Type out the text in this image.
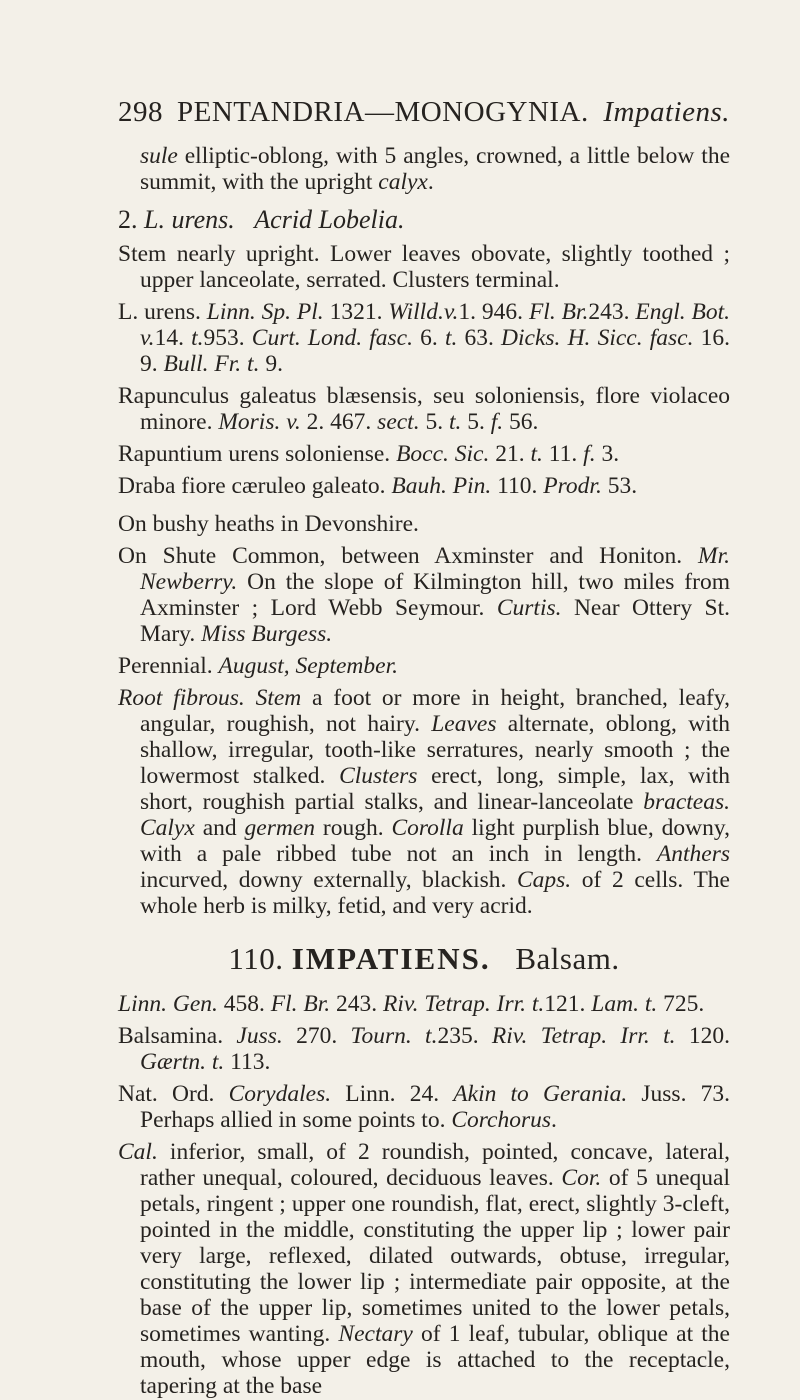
298 PENTANDRIA—MONOGYNIA. Impatiens.

sule elliptic-oblong, with 5 angles, crowned, a little below the summit, with the upright calyx.

2. L. urens. Acrid Lobelia.

Stem nearly upright. Lower leaves obovate, slightly toothed ; upper lanceolate, serrated. Clusters terminal.

L. urens. Linn. Sp. Pl. 1321. Willd.v.1. 946. Fl. Br.243. Engl. Bot. v.14. t.953. Curt. Lond. fasc. 6. t. 63. Dicks. H. Sicc. fasc. 16. 9. Bull. Fr. t. 9.

Rapunculus galeatus blæsensis, seu soloniensis, flore violaceo minore. Moris. v. 2. 467. sect. 5. t. 5. f. 56.

Rapuntium urens soloniense. Bocc. Sic. 21. t. 11. f. 3.

Draba fiore cæruleo galeato. Bauh. Pin. 110. Prodr. 53.

On bushy heaths in Devonshire.

On Shute Common, between Axminster and Honiton. Mr. Newberry. On the slope of Kilmington hill, two miles from Axminster ; Lord Webb Seymour. Curtis. Near Ottery St. Mary. Miss Burgess.

Perennial. August, September.

Root fibrous. Stem a foot or more in height, branched, leafy, angular, roughish, not hairy. Leaves alternate, oblong, with shallow, irregular, tooth-like serratures, nearly smooth ; the lowermost stalked. Clusters erect, long, simple, lax, with short, roughish partial stalks, and linear-lanceolate bracteas. Calyx and germen rough. Corolla light purplish blue, downy, with a pale ribbed tube not an inch in length. Anthers incurved, downy externally, blackish. Caps. of 2 cells. The whole herb is milky, fetid, and very acrid.

110. IMPATIENS. Balsam.

Linn. Gen. 458. Fl. Br. 243. Riv. Tetrap. Irr. t.121. Lam. t. 725.

Balsamina. Juss. 270. Tourn. t.235. Riv. Tetrap. Irr. t. 120. Gærtn. t. 113.

Nat. Ord. Corydales. Linn. 24. Akin to Gerania. Juss. 73. Perhaps allied in some points to. Corchorus.

Cal. inferior, small, of 2 roundish, pointed, concave, lateral, rather unequal, coloured, deciduous leaves. Cor. of 5 unequal petals, ringent ; upper one roundish, flat, erect, slightly 3-cleft, pointed in the middle, constituting the upper lip ; lower pair very large, reflexed, dilated outwards, obtuse, irregular, constituting the lower lip ; intermediate pair opposite, at the base of the upper lip, sometimes united to the lower petals, sometimes wanting. Nectary of 1 leaf, tubular, oblique at the mouth, whose upper edge is attached to the receptacle, tapering at the base
